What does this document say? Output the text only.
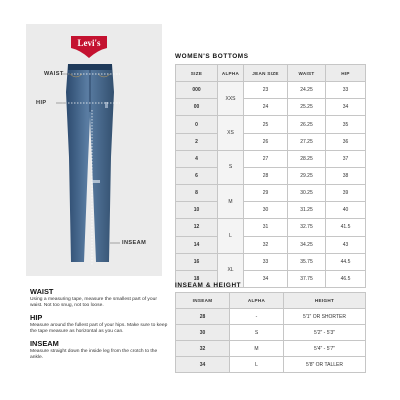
Levi's
WAIST
HIP
INSEAM
WAIST
Using a measuring tape, measure the smallest part of your waist. Not too snug, not too loose.
HIP
Measure around the fullest part of your hips. Make sure to keep the tape measure as horizontal as you can.
INSEAM
Measure straight down the inside leg from the crotch to the ankle.
WOMEN'S BOTTOMS
SIZE	ALPHA	JEAN SIZE	WAIST	HIP
000	XXS	23	24.25	33
00		24	25.25	34
0	XS	25	26.25	35
2		26	27.25	36
4	S	27	28.25	37
6		28	29.25	38
8	M	29	30.25	39
10		30	31.25	40
12	L	31	32.75	41.5
14		32	34.25	43
16	XL	33	35.75	44.5
18		34	37.75	46.5
INSEAM & HEIGHT
INSEAM	ALPHA	HEIGHT
28	-	5'1" OR SHORTER
30	S	5'2" - 5'3"
32	M	5'4" - 5'7"
34	L	5'8" OR TALLER
